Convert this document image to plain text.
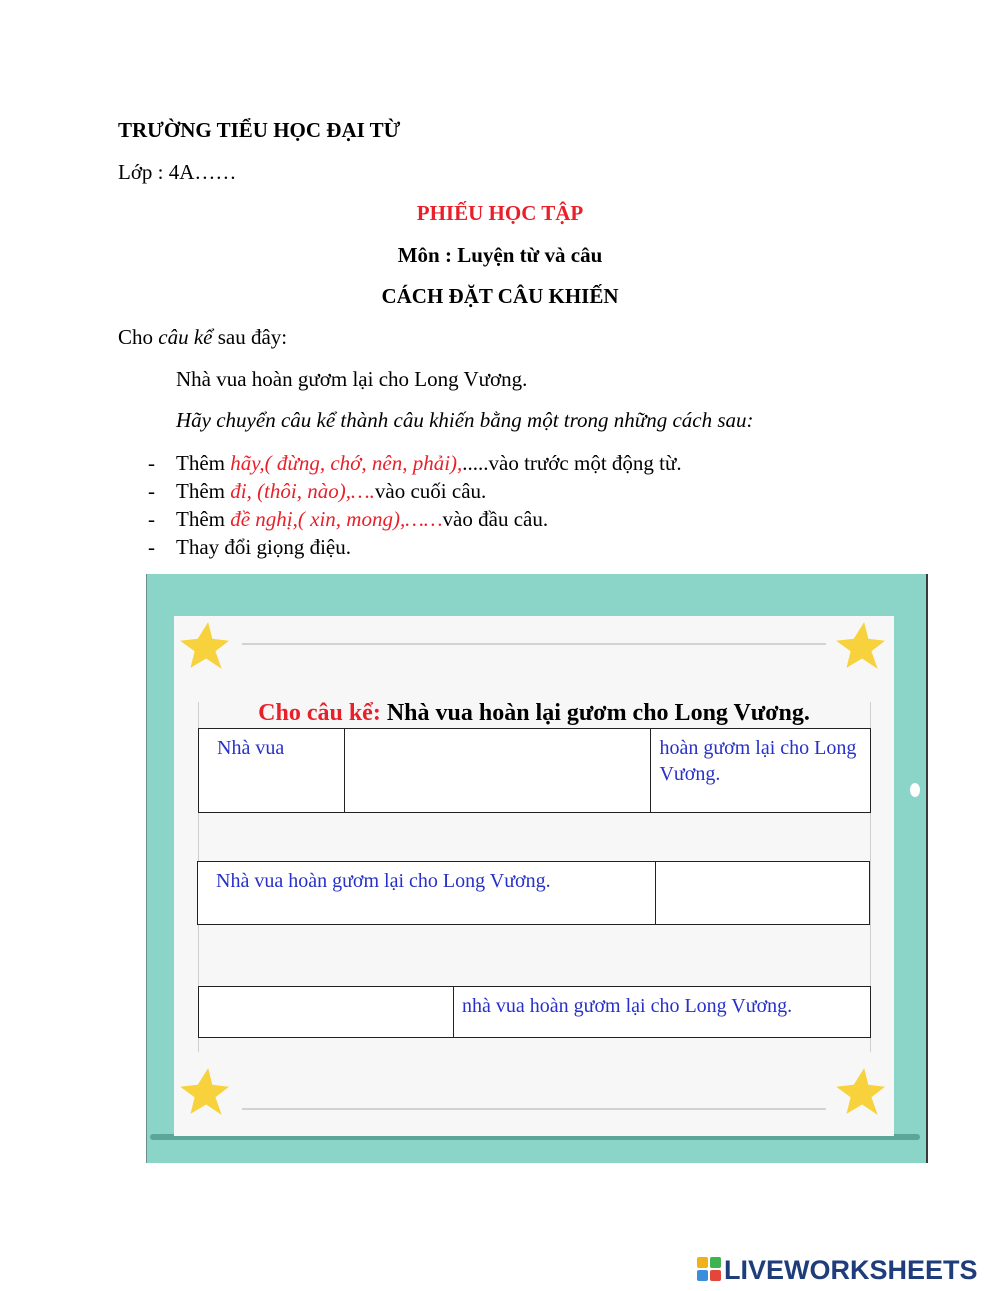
TRƯỜNG TIỂU HỌC ĐẠI TỪ
Lớp : 4A……
PHIẾU HỌC TẬP
Môn : Luyện từ và câu
CÁCH ĐẶT CÂU KHIẾN
Cho câu kể sau đây:
Nhà vua hoàn gươm lại cho Long Vương.
Hãy chuyển câu kể thành câu khiến bằng một trong những cách sau:
- Thêm hãy,( đừng, chớ, nên, phải),.....vào trước một động từ.
- Thêm đi, (thôi, nào),….vào cuối câu.
- Thêm đề nghị,( xin, mong),……vào đầu câu.
- Thay đổi giọng điệu.
Cho câu kể: Nhà vua hoàn lại gươm cho Long Vương.
Nhà vua		hoàn gươm lại cho Long Vương.
Nhà vua hoàn gươm lại cho Long Vương.	
	nhà vua hoàn gươm lại cho Long Vương.
LIVEWORKSHEETS
